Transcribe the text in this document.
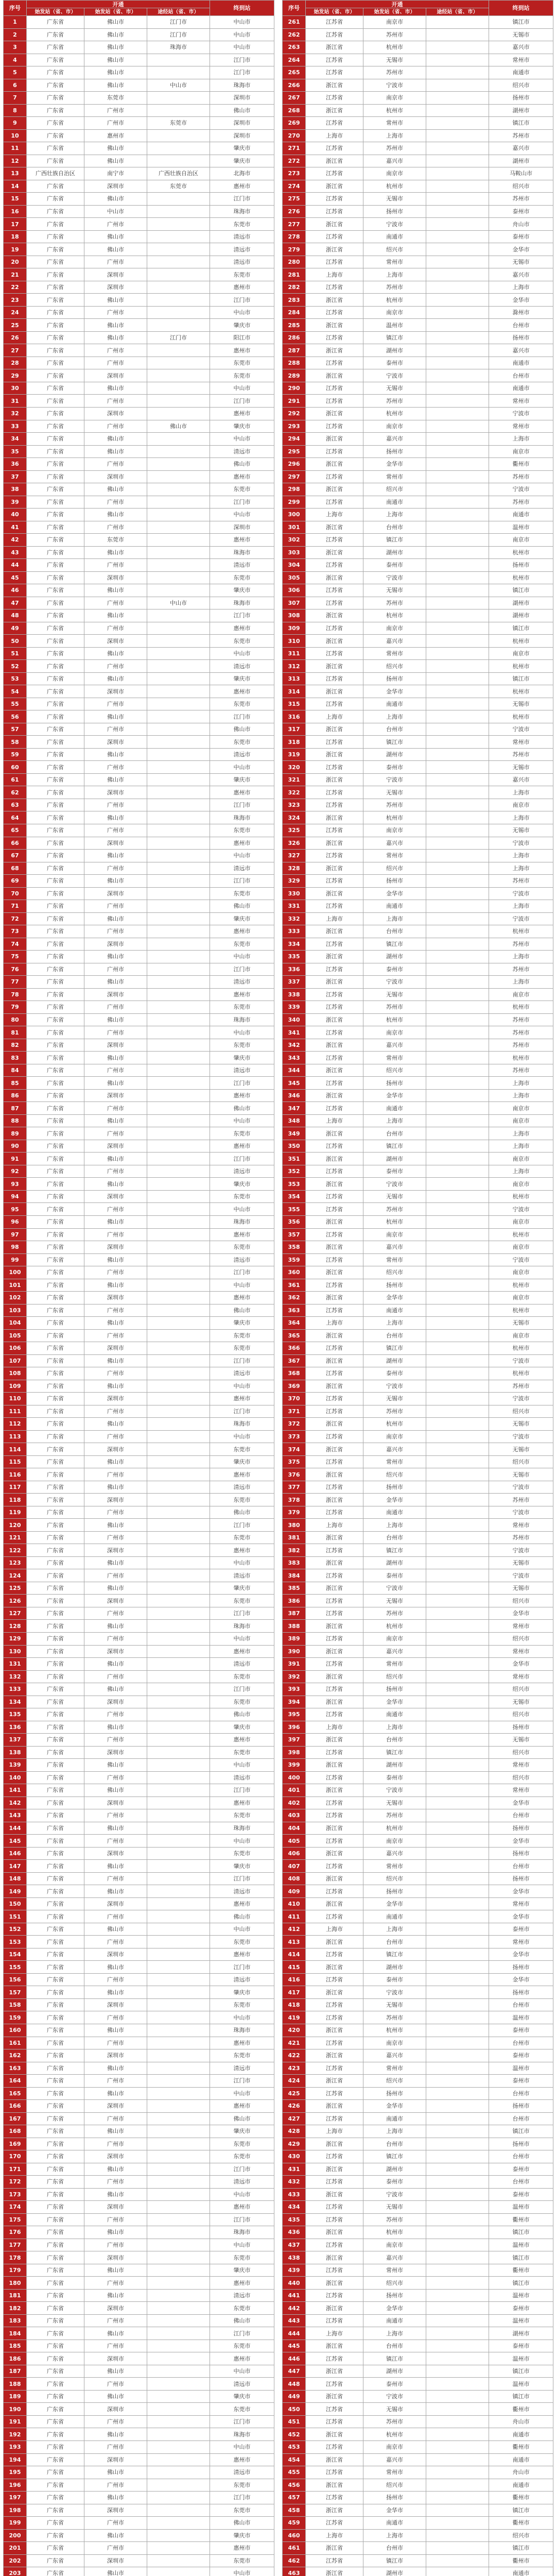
序号	开通			终到站
	始发站（省、市）	始发站（省、市）	途经站（省、市）	
1	广东省	佛山市	江门市	中山市
2	广东省	佛山市	江门市	中山市
3	广东省	佛山市	珠海市	中山市
4	广东省	佛山市		江门市
5	广东省	佛山市		江门市
6	广东省	佛山市	中山市	珠海市
7	广东省	东莞市		深圳市
8	广东省	广州市		佛山市
9	广东省	广州市	东莞市	深圳市
10	广东省	惠州市		深圳市
11	广东省	佛山市		肇庆市
12	广东省	佛山市		肇庆市
13	广西壮族自治区	南宁市	广西壮族自治区	北海市
14	广东省	深圳市	东莞市	惠州市
15	广东省	佛山市		江门市
16	广东省	中山市		珠海市
17	广东省	广州市		东莞市
18	广东省	佛山市		清远市
19	广东省	佛山市		清远市
20	广东省	广州市		清远市
21	广东省	深圳市		东莞市
22	广东省	深圳市		惠州市
23	广东省	佛山市		江门市
24	广东省	广州市		中山市
25	广东省	佛山市		肇庆市
26	广东省	佛山市	江门市	阳江市
27	广东省	广州市		惠州市
28	广东省	广州市		东莞市
29	广东省	深圳市		东莞市
30	广东省	佛山市		中山市
31	广东省	广州市		江门市
32	广东省	深圳市		惠州市
33	广东省	广州市	佛山市	肇庆市
34	广东省	佛山市		中山市
35	广东省	佛山市		清远市
36	广东省	广州市		佛山市
37	广东省	深圳市		惠州市
38	广东省	佛山市		东莞市
39	广东省	广州市		江门市
40	广东省	佛山市		中山市
41	广东省	广州市		深圳市
42	广东省	东莞市		惠州市
43	广东省	佛山市		珠海市
44	广东省	广州市		清远市
45	广东省	深圳市		东莞市
46	广东省	佛山市		肇庆市
47	广东省	广州市	中山市	珠海市
48	广东省	佛山市		江门市
49	广东省	广州市		惠州市
50	广东省	深圳市		东莞市
51	广东省	佛山市		中山市
52	广东省	广州市		清远市
53	广东省	佛山市		肇庆市
54	广东省	深圳市		惠州市
55	广东省	广州市		东莞市
56	广东省	佛山市		江门市
57	广东省	广州市		佛山市
58	广东省	深圳市		东莞市
59	广东省	佛山市		清远市
60	广东省	广州市		中山市
61	广东省	佛山市		肇庆市
62	广东省	深圳市		惠州市
63	广东省	广州市		江门市
64	广东省	佛山市		珠海市
65	广东省	广州市		东莞市
66	广东省	深圳市		惠州市
67	广东省	佛山市		中山市
68	广东省	广州市		清远市
69	广东省	佛山市		江门市
70	广东省	深圳市		东莞市
71	广东省	广州市		佛山市
72	广东省	佛山市		肇庆市
73	广东省	广州市		惠州市
74	广东省	深圳市		东莞市
75	广东省	佛山市		中山市
76	广东省	广州市		江门市
77	广东省	佛山市		清远市
78	广东省	深圳市		惠州市
79	广东省	广州市		东莞市
80	广东省	佛山市		珠海市
81	广东省	广州市		中山市
82	广东省	深圳市		东莞市
83	广东省	佛山市		肇庆市
84	广东省	广州市		清远市
85	广东省	佛山市		江门市
86	广东省	深圳市		惠州市
87	广东省	广州市		佛山市
88	广东省	佛山市		中山市
89	广东省	广州市		东莞市
90	广东省	深圳市		惠州市
91	广东省	佛山市		江门市
92	广东省	广州市		清远市
93	广东省	佛山市		肇庆市
94	广东省	深圳市		东莞市
95	广东省	广州市		中山市
96	广东省	佛山市		珠海市
97	广东省	广州市		惠州市
98	广东省	深圳市		东莞市
99	广东省	佛山市		清远市
100	广东省	广州市		江门市
101	广东省	佛山市		中山市
102	广东省	深圳市		惠州市
103	广东省	广州市		佛山市
104	广东省	佛山市		肇庆市
105	广东省	广州市		东莞市
106	广东省	深圳市		东莞市
107	广东省	佛山市		江门市
108	广东省	广州市		清远市
109	广东省	佛山市		中山市
110	广东省	深圳市		惠州市
111	广东省	广州市		江门市
112	广东省	佛山市		珠海市
113	广东省	广州市		中山市
114	广东省	深圳市		东莞市
115	广东省	佛山市		肇庆市
116	广东省	广州市		惠州市
117	广东省	佛山市		清远市
118	广东省	深圳市		东莞市
119	广东省	广州市		佛山市
120	广东省	佛山市		江门市
121	广东省	广州市		东莞市
122	广东省	深圳市		惠州市
123	广东省	佛山市		中山市
124	广东省	广州市		清远市
125	广东省	佛山市		肇庆市
126	广东省	深圳市		东莞市
127	广东省	广州市		江门市
128	广东省	佛山市		珠海市
129	广东省	广州市		中山市
130	广东省	深圳市		惠州市
131	广东省	佛山市		清远市
132	广东省	广州市		东莞市
133	广东省	佛山市		江门市
134	广东省	深圳市		东莞市
135	广东省	广州市		佛山市
136	广东省	佛山市		肇庆市
137	广东省	广州市		惠州市
138	广东省	深圳市		东莞市
139	广东省	佛山市		中山市
140	广东省	广州市		清远市
141	广东省	佛山市		江门市
142	广东省	深圳市		惠州市
143	广东省	广州市		东莞市
144	广东省	佛山市		珠海市
145	广东省	广州市		中山市
146	广东省	深圳市		东莞市
147	广东省	佛山市		肇庆市
148	广东省	广州市		江门市
149	广东省	佛山市		清远市
150	广东省	深圳市		惠州市
151	广东省	广州市		佛山市
152	广东省	佛山市		中山市
153	广东省	广州市		东莞市
154	广东省	深圳市		惠州市
155	广东省	佛山市		江门市
156	广东省	广州市		清远市
157	广东省	佛山市		肇庆市
158	广东省	深圳市		东莞市
159	广东省	广州市		中山市
160	广东省	佛山市		珠海市
161	广东省	广州市		惠州市
162	广东省	深圳市		东莞市
163	广东省	佛山市		清远市
164	广东省	广州市		江门市
165	广东省	佛山市		中山市
166	广东省	深圳市		惠州市
167	广东省	广州市		佛山市
168	广东省	佛山市		肇庆市
169	广东省	广州市		东莞市
170	广东省	深圳市		东莞市
171	广东省	佛山市		江门市
172	广东省	广州市		清远市
173	广东省	佛山市		中山市
174	广东省	深圳市		惠州市
175	广东省	广州市		江门市
176	广东省	佛山市		珠海市
177	广东省	广州市		中山市
178	广东省	深圳市		东莞市
179	广东省	佛山市		肇庆市
180	广东省	广州市		惠州市
181	广东省	佛山市		清远市
182	广东省	深圳市		东莞市
183	广东省	广州市		佛山市
184	广东省	佛山市		江门市
185	广东省	广州市		东莞市
186	广东省	深圳市		惠州市
187	广东省	佛山市		中山市
188	广东省	广州市		清远市
189	广东省	佛山市		肇庆市
190	广东省	深圳市		东莞市
191	广东省	广州市		江门市
192	广东省	佛山市		珠海市
193	广东省	广州市		中山市
194	广东省	深圳市		惠州市
195	广东省	佛山市		清远市
196	广东省	广州市		东莞市
197	广东省	佛山市		江门市
198	广东省	深圳市		东莞市
199	广东省	广州市		佛山市
200	广东省	佛山市		肇庆市
201	广东省	广州市		惠州市
202	广东省	深圳市		东莞市
203	广东省	佛山市		中山市

序号	开通			终到站
	始发站（省、市）	始发站（省、市）	途经站（省、市）	
261	江苏省	南京市		镇江市
262	江苏省	苏州市		无锡市
263	浙江省	杭州市		嘉兴市
264	江苏省	无锡市		常州市
265	江苏省	苏州市		南通市
266	浙江省	宁波市		绍兴市
267	江苏省	南京市		扬州市
268	浙江省	杭州市		湖州市
269	江苏省	常州市		镇江市
270	上海市	上海市		苏州市
271	江苏省	苏州市		嘉兴市
272	浙江省	嘉兴市		湖州市
273	江苏省	南京市		马鞍山市
274	浙江省	杭州市		绍兴市
275	江苏省	无锡市		苏州市
276	江苏省	扬州市		泰州市
277	浙江省	宁波市		舟山市
278	江苏省	南通市		泰州市
279	浙江省	绍兴市		金华市
280	江苏省	常州市		无锡市
281	上海市	上海市		嘉兴市
282	江苏省	苏州市		上海市
283	浙江省	杭州市		金华市
284	江苏省	南京市		滁州市
285	浙江省	温州市		台州市
286	江苏省	镇江市		扬州市
287	浙江省	湖州市		嘉兴市
288	江苏省	泰州市		南通市
289	浙江省	宁波市		台州市
290	江苏省	无锡市		南通市
291	江苏省	苏州市		常州市
292	浙江省	杭州市		宁波市
293	江苏省	南京市		常州市
294	浙江省	嘉兴市		上海市
295	江苏省	扬州市		南京市
296	浙江省	金华市		衢州市
297	江苏省	常州市		苏州市
298	浙江省	绍兴市		宁波市
299	江苏省	南通市		苏州市
300	上海市	上海市		南通市
301	浙江省	台州市		温州市
302	江苏省	镇江市		南京市
303	浙江省	湖州市		杭州市
304	江苏省	泰州市		扬州市
305	浙江省	宁波市		杭州市
306	江苏省	无锡市		镇江市
307	江苏省	苏州市		湖州市
308	浙江省	杭州市		湖州市
309	江苏省	南京市		镇江市
310	浙江省	嘉兴市		杭州市
311	江苏省	常州市		南京市
312	浙江省	绍兴市		杭州市
313	江苏省	扬州市		镇江市
314	浙江省	金华市		杭州市
315	江苏省	南通市		无锡市
316	上海市	上海市		杭州市
317	浙江省	台州市		宁波市
318	江苏省	镇江市		常州市
319	浙江省	湖州市		苏州市
320	江苏省	泰州市		无锡市
321	浙江省	宁波市		嘉兴市
322	江苏省	无锡市		上海市
323	江苏省	苏州市		南京市
324	浙江省	杭州市		上海市
325	江苏省	南京市		无锡市
326	浙江省	嘉兴市		宁波市
327	江苏省	常州市		上海市
328	浙江省	绍兴市		上海市
329	江苏省	扬州市		苏州市
330	浙江省	金华市		宁波市
331	江苏省	南通市		上海市
332	上海市	上海市		宁波市
333	浙江省	台州市		杭州市
334	江苏省	镇江市		苏州市
335	浙江省	湖州市		上海市
336	江苏省	泰州市		苏州市
337	浙江省	宁波市		上海市
338	江苏省	无锡市		南京市
339	江苏省	苏州市		杭州市
340	浙江省	杭州市		苏州市
341	江苏省	南京市		苏州市
342	浙江省	嘉兴市		苏州市
343	江苏省	常州市		杭州市
344	浙江省	绍兴市		苏州市
345	江苏省	扬州市		上海市
346	浙江省	金华市		上海市
347	江苏省	南通市		南京市
348	上海市	上海市		南京市
349	浙江省	台州市		上海市
350	江苏省	镇江市		上海市
351	浙江省	湖州市		南京市
352	江苏省	泰州市		上海市
353	浙江省	宁波市		南京市
354	江苏省	无锡市		杭州市
355	江苏省	苏州市		宁波市
356	浙江省	杭州市		南京市
357	江苏省	南京市		杭州市
358	浙江省	嘉兴市		南京市
359	江苏省	常州市		宁波市
360	浙江省	绍兴市		南京市
361	江苏省	扬州市		杭州市
362	浙江省	金华市		南京市
363	江苏省	南通市		杭州市
364	上海市	上海市		无锡市
365	浙江省	台州市		南京市
366	江苏省	镇江市		杭州市
367	浙江省	湖州市		宁波市
368	江苏省	泰州市		杭州市
369	浙江省	宁波市		苏州市
370	江苏省	无锡市		宁波市
371	江苏省	苏州市		绍兴市
372	浙江省	杭州市		无锡市
373	江苏省	南京市		宁波市
374	浙江省	嘉兴市		无锡市
375	江苏省	常州市		绍兴市
376	浙江省	绍兴市		无锡市
377	江苏省	扬州市		宁波市
378	浙江省	金华市		苏州市
379	江苏省	南通市		宁波市
380	上海市	上海市		常州市
381	浙江省	台州市		苏州市
382	江苏省	镇江市		宁波市
383	浙江省	湖州市		无锡市
384	江苏省	泰州市		宁波市
385	浙江省	宁波市		无锡市
386	江苏省	无锡市		绍兴市
387	江苏省	苏州市		金华市
388	浙江省	杭州市		常州市
389	江苏省	南京市		绍兴市
390	浙江省	嘉兴市		常州市
391	江苏省	常州市		金华市
392	浙江省	绍兴市		常州市
393	江苏省	扬州市		绍兴市
394	浙江省	金华市		无锡市
395	江苏省	南通市		绍兴市
396	上海市	上海市		扬州市
397	浙江省	台州市		无锡市
398	江苏省	镇江市		绍兴市
399	浙江省	湖州市		常州市
400	江苏省	泰州市		绍兴市
401	浙江省	宁波市		常州市
402	江苏省	无锡市		金华市
403	江苏省	苏州市		台州市
404	浙江省	杭州市		扬州市
405	江苏省	南京市		金华市
406	浙江省	嘉兴市		扬州市
407	江苏省	常州市		台州市
408	浙江省	绍兴市		扬州市
409	江苏省	扬州市		金华市
410	浙江省	金华市		常州市
411	江苏省	南通市		金华市
412	上海市	上海市		泰州市
413	浙江省	台州市		常州市
414	江苏省	镇江市		金华市
415	浙江省	湖州市		扬州市
416	江苏省	泰州市		金华市
417	浙江省	宁波市		扬州市
418	江苏省	无锡市		台州市
419	江苏省	苏州市		温州市
420	浙江省	杭州市		泰州市
421	江苏省	南京市		台州市
422	浙江省	嘉兴市		泰州市
423	江苏省	常州市		温州市
424	浙江省	绍兴市		泰州市
425	江苏省	扬州市		台州市
426	浙江省	金华市		扬州市
427	江苏省	南通市		台州市
428	上海市	上海市		镇江市
429	浙江省	台州市		扬州市
430	江苏省	镇江市		台州市
431	浙江省	湖州市		泰州市
432	江苏省	泰州市		台州市
433	浙江省	宁波市		泰州市
434	江苏省	无锡市		温州市
435	江苏省	苏州市		衢州市
436	浙江省	杭州市		镇江市
437	江苏省	南京市		温州市
438	浙江省	嘉兴市		镇江市
439	江苏省	常州市		衢州市
440	浙江省	绍兴市		镇江市
441	江苏省	扬州市		温州市
442	浙江省	金华市		泰州市
443	江苏省	南通市		温州市
444	上海市	上海市		湖州市
445	浙江省	台州市		泰州市
446	江苏省	镇江市		温州市
447	浙江省	湖州市		镇江市
448	江苏省	泰州市		温州市
449	浙江省	宁波市		镇江市
450	江苏省	无锡市		衢州市
451	江苏省	苏州市		舟山市
452	浙江省	杭州市		南通市
453	江苏省	南京市		衢州市
454	浙江省	嘉兴市		南通市
455	江苏省	常州市		舟山市
456	浙江省	绍兴市		南通市
457	江苏省	扬州市		衢州市
458	浙江省	金华市		镇江市
459	江苏省	南通市		衢州市
460	上海市	上海市		绍兴市
461	浙江省	台州市		镇江市
462	江苏省	镇江市		衢州市
463	浙江省	湖州市		南通市
